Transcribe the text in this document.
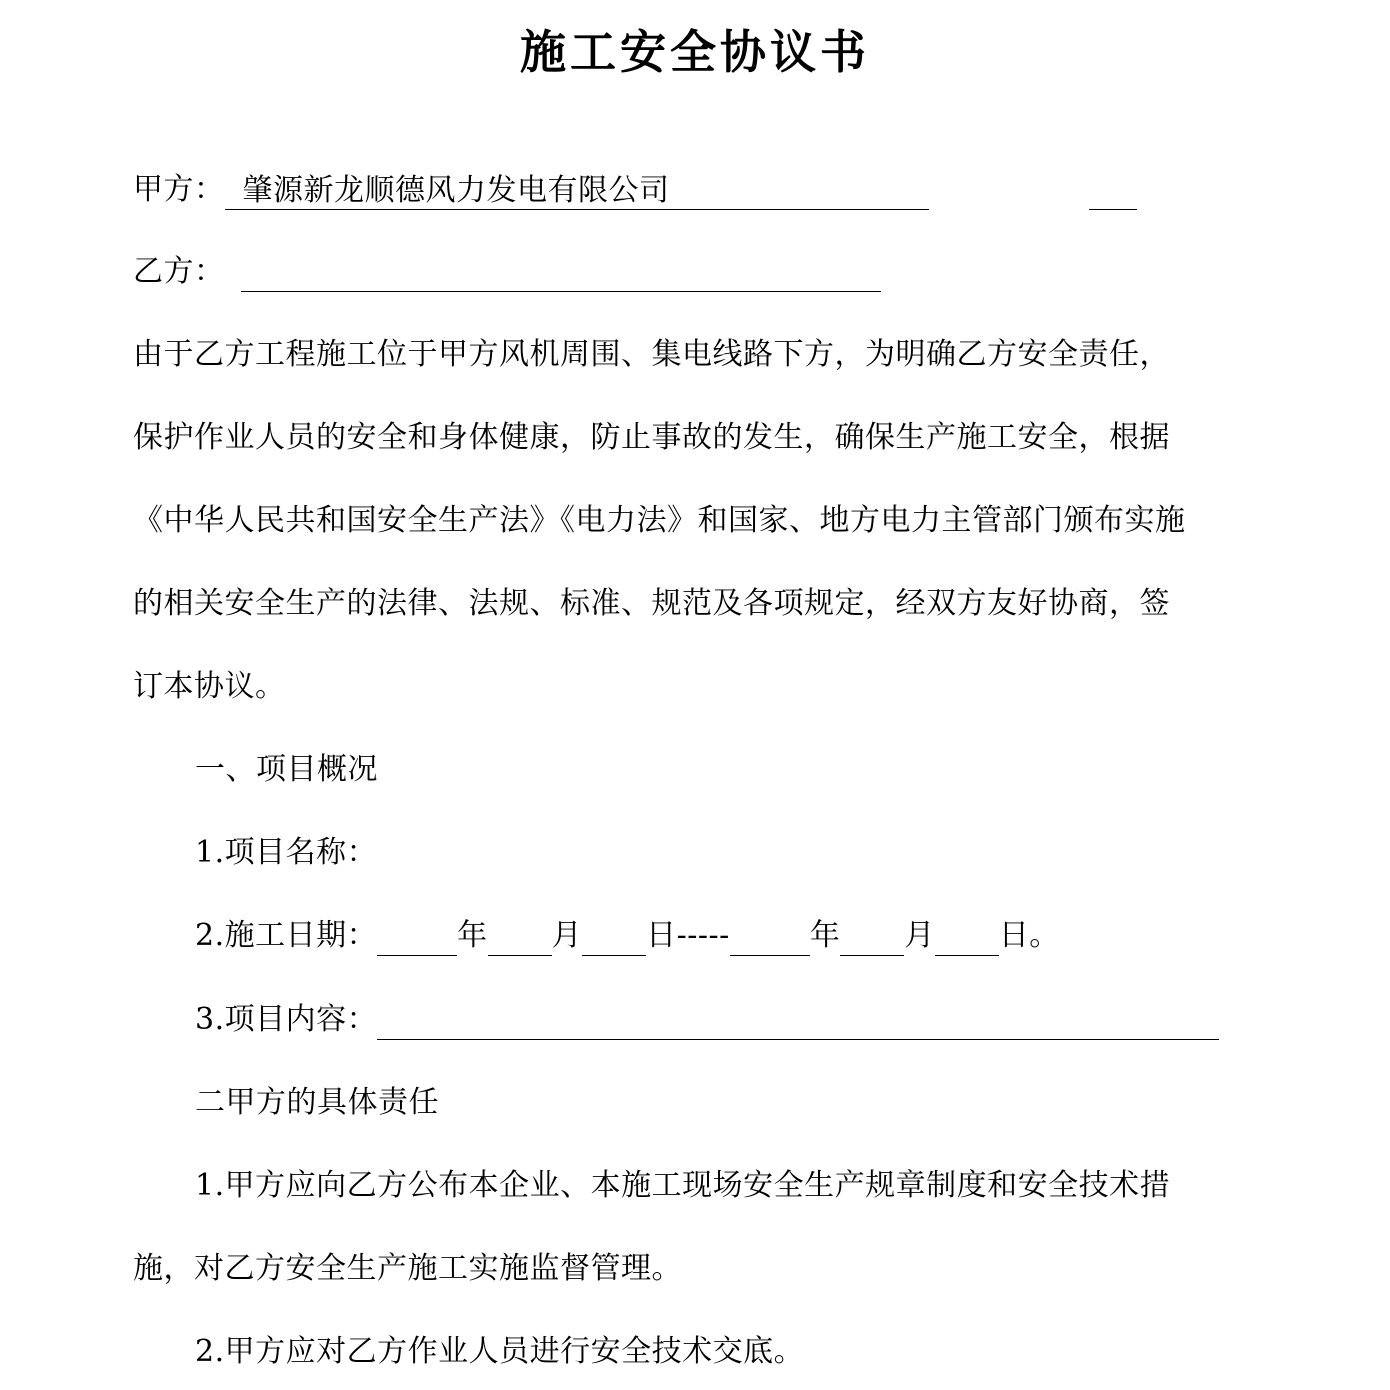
施工安全协议书
甲方： 肇源新龙顺德风力发电有限公司
乙方：
由于乙方工程施工位于甲方风机周围、集电线路下方，为明确乙方安全责任，
保护作业人员的安全和身体健康，防止事故的发生，确保生产施工安全，根据
《中华人民共和国安全生产法》《电力法》和国家、地方电力主管部门颁布实施
的相关安全生产的法律、法规、标准、规范及各项规定，经双方友好协商，签
订本协议。
一、项目概况
1.项目名称：
2.施工日期：	年 月 日-----	年 月 日。
3.项目内容：
二甲方的具体责任
1.甲方应向乙方公布本企业、本施工现场安全生产规章制度和安全技术措
施，对乙方安全生产施工实施监督管理。
2.甲方应对乙方作业人员进行安全技术交底。
